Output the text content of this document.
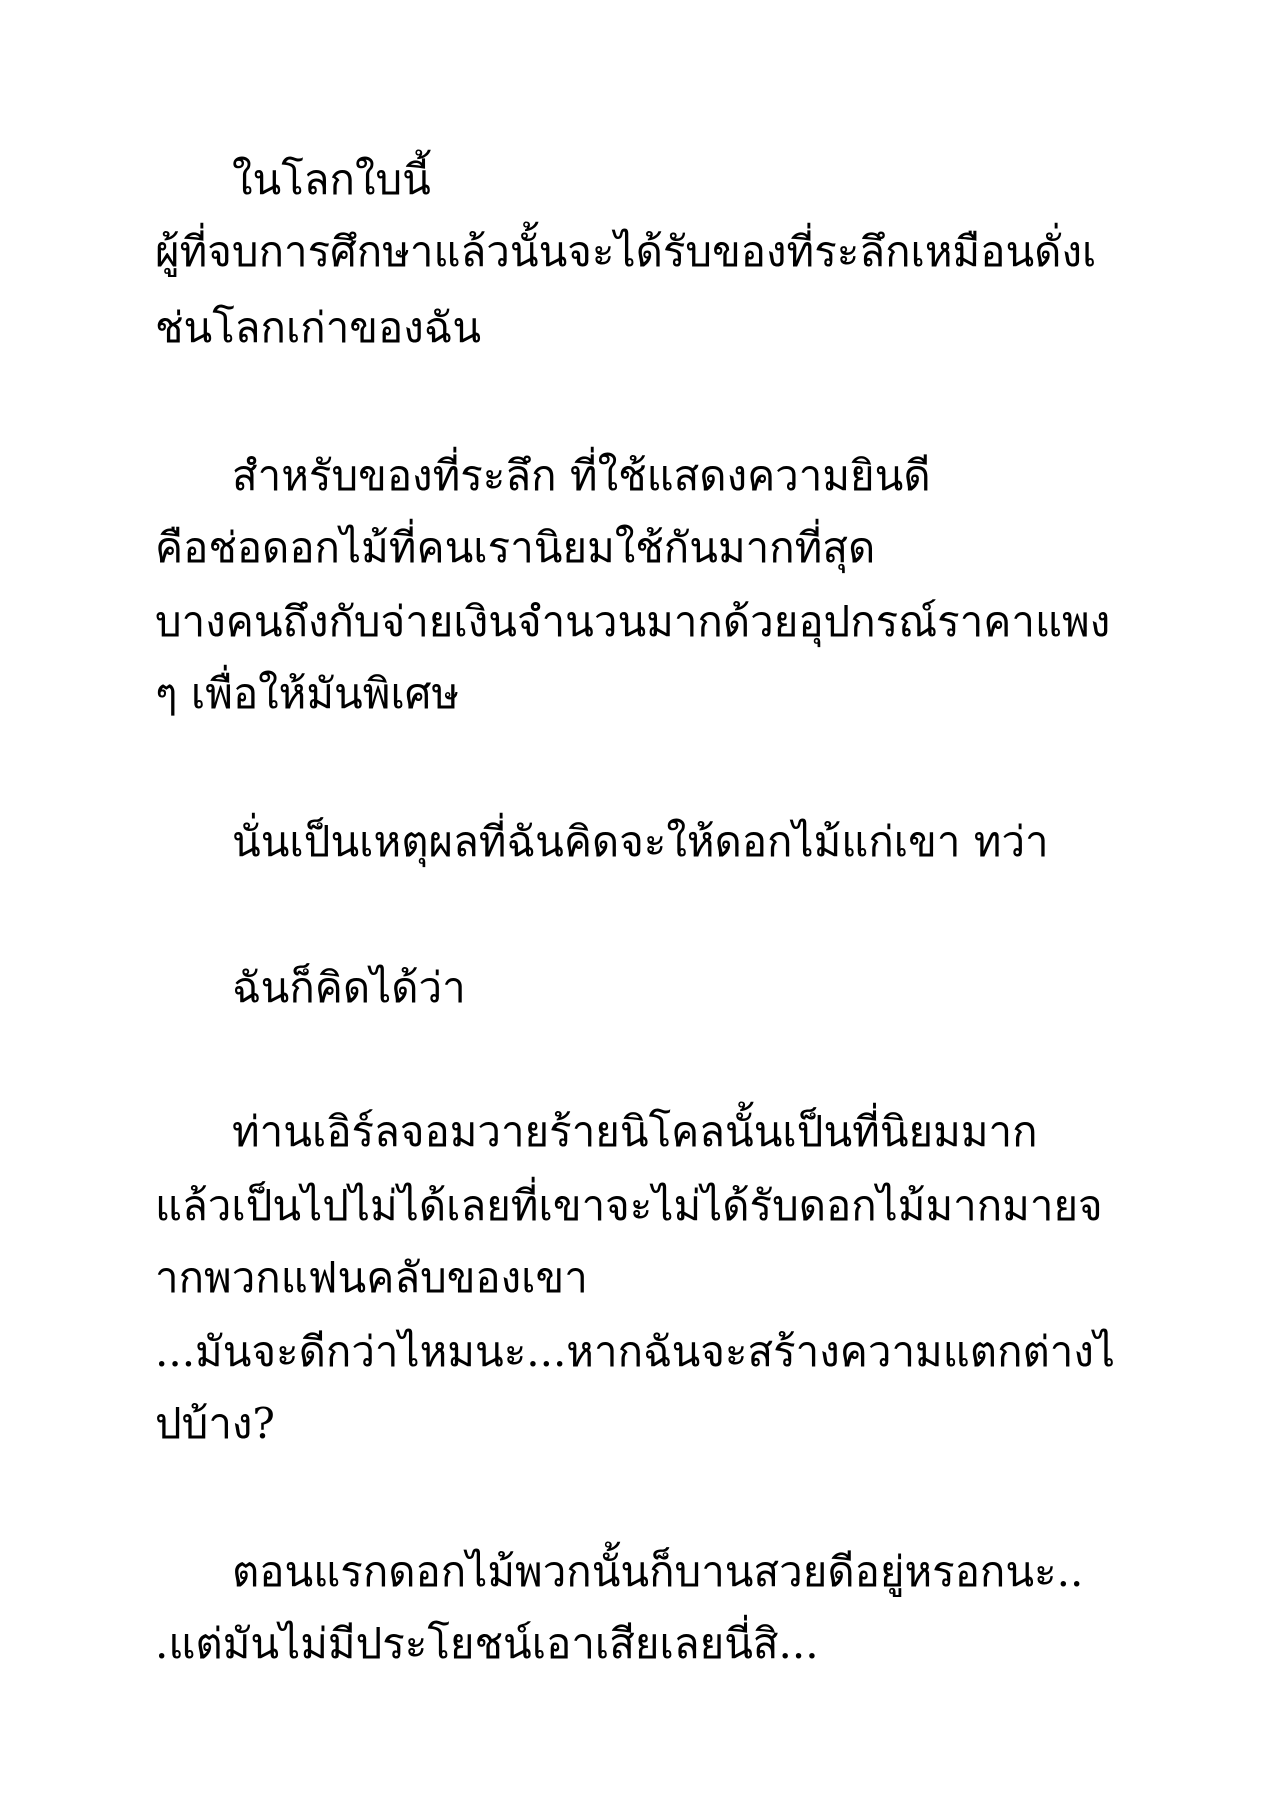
ในโลกใบนี้

ผู้ที่จบการศึกษาแล้วนั้นจะได้รับของที่ระลึกเหมือนดั่งเ

ช่นโลกเก่าของฉัน

สำหรับของที่ระลึก ที่ใช้แสดงความยินดี

คือช่อดอกไม้ที่คนเรานิยมใช้กันมากที่สุด

บางคนถึงกับจ่ายเงินจำนวนมากด้วยอุปกรณ์ราคาแพง

ๆ เพื่อให้มันพิเศษ

นั่นเป็นเหตุผลที่ฉันคิดจะให้ดอกไม้แก่เขา ทว่า

ฉันก็คิดได้ว่า

ท่านเอิร์ลจอมวายร้ายนิโคลนั้นเป็นที่นิยมมาก

แล้วเป็นไปไม่ได้เลยที่เขาจะไม่ได้รับดอกไม้มากมายจ

ากพวกแฟนคลับของเขา

...มันจะดีกว่าไหมนะ...หากฉันจะสร้างความแตกต่างไ

ปบ้าง?

ตอนแรกดอกไม้พวกนั้นก็บานสวยดีอยู่หรอกนะ..

.แต่มันไม่มีประโยชน์เอาเสียเลยนี่สิ...
